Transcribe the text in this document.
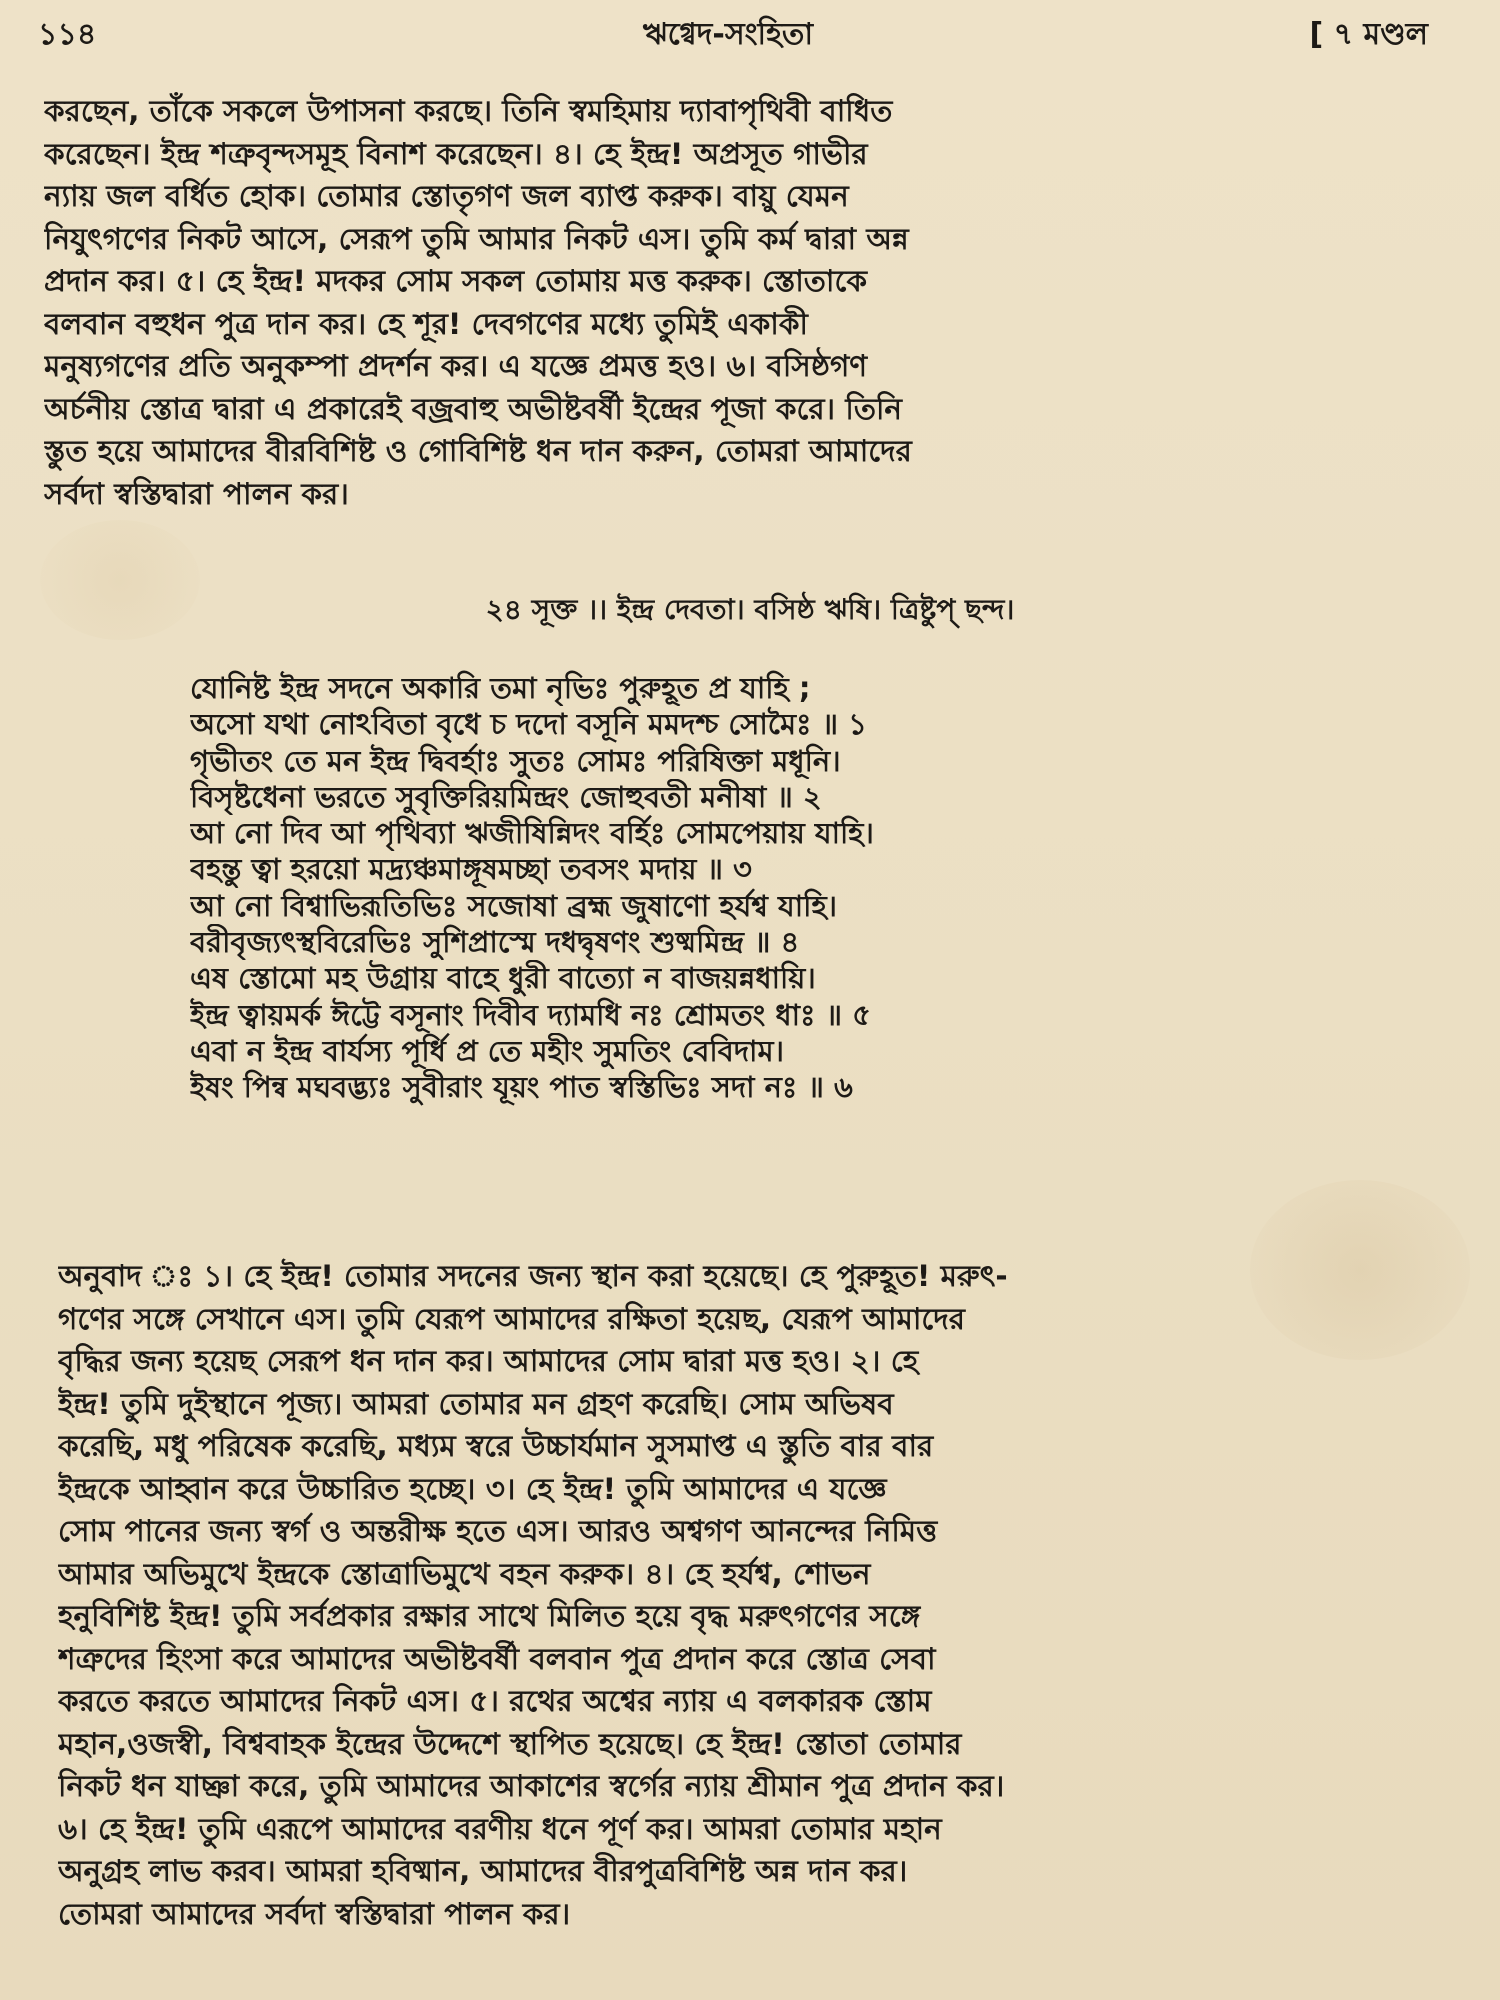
১১৪	ঋগ্বেদ-সংহিতা	[ ৭ মণ্ডল
করছেন, তাঁকে সকলে উপাসনা করছে। তিনি স্বমহিমায় দ্যাবাপৃথিবী বাধিত
করেছেন। ইন্দ্র শত্রুবৃন্দসমূহ বিনাশ করেছেন। ৪। হে ইন্দ্র! অপ্রসূত গাভীর
ন্যায় জল বর্ধিত হোক। তোমার স্তোতৃগণ জল ব্যাপ্ত করুক। বায়ু যেমন
নিযুৎগণের নিকট আসে, সেরূপ তুমি আমার নিকট এস। তুমি কর্ম দ্বারা অন্ন
প্রদান কর। ৫। হে ইন্দ্র! মদকর সোম সকল তোমায় মত্ত করুক। স্তোতাকে
বলবান বহুধন পুত্র দান কর। হে শূর! দেবগণের মধ্যে তুমিই একাকী
মনুষ্যগণের প্রতি অনুকম্পা প্রদর্শন কর। এ যজ্ঞে প্রমত্ত হও। ৬। বসিষ্ঠগণ
অর্চনীয় স্তোত্র দ্বারা এ প্রকারেই বজ্রবাহু অভীষ্টবর্ষী ইন্দ্রের পূজা করে। তিনি
স্তুত হয়ে আমাদের বীরবিশিষ্ট ও গোবিশিষ্ট ধন দান করুন, তোমরা আমাদের
সর্বদা স্বস্তিদ্বারা পালন কর।
২৪ সূক্ত ।। ইন্দ্র দেবতা। বসিষ্ঠ ঋষি। ত্রিষ্টুপ্ ছন্দ।
যোনিষ্ট ইন্দ্র সদনে অকারি তমা নৃভিঃ পুরুহূত প্র যাহি ;
অসো যথা নোঽবিতা বৃধে চ দদো বসূনি মমদশ্চ সোমৈঃ ॥ ১
গৃভীতং তে মন ইন্দ্র দ্বিবর্হাঃ সুতঃ সোমঃ পরিষিক্তা মধূনি।
বিসৃষ্টধেনা ভরতে সুবৃক্তিরিয়মিন্দ্রং জোহুবতী মনীষা ॥ ২
আ নো দিব আ পৃথিব্যা ঋজীষিন্নিদং বর্হিঃ সোমপেয়ায় যাহি।
বহন্তু ত্বা হরয়ো মদ্র্যঞ্চমাঙ্গূষমচ্ছা তবসং মদায় ॥ ৩
আ নো বিশ্বাভিরূতিভিঃ সজোষা ব্রহ্ম জুষাণো হর্যশ্ব যাহি।
বরীবৃজ্যৎস্থবিরেভিঃ সুশিপ্রাস্মে দধদ্বৃষণং শুষ্মমিন্দ্র ॥ ৪
এষ স্তোমো মহ উগ্রায় বাহে ধুরী বাত্যো ন বাজয়ন্নধায়ি।
ইন্দ্র ত্বায়মর্ক ঈট্টে বসূনাং দিবীব দ্যামধি নঃ শ্রোমতং ধাঃ ॥ ৫
এবা ন ইন্দ্র বার্যস্য পূর্ধি প্র তে মহীং সুমতিং বেবিদাম।
ইষং পিন্ব মঘবদ্ভ্যঃ সুবীরাং যূয়ং পাত স্বস্তিভিঃ সদা নঃ ॥ ৬
অনুবাদ ঃ ১। হে ইন্দ্র! তোমার সদনের জন্য স্থান করা হয়েছে। হে পুরুহূত! মরুৎ-
গণের সঙ্গে সেখানে এস। তুমি যেরূপ আমাদের রক্ষিতা হয়েছ, যেরূপ আমাদের
বৃদ্ধির জন্য হয়েছ সেরূপ ধন দান কর। আমাদের সোম দ্বারা মত্ত হও। ২। হে
ইন্দ্র! তুমি দুইস্থানে পূজ্য। আমরা তোমার মন গ্রহণ করেছি। সোম অভিষব
করেছি, মধু পরিষেক করেছি, মধ্যম স্বরে উচ্চার্যমান সুসমাপ্ত এ স্তুতি বার বার
ইন্দ্রকে আহ্বান করে উচ্চারিত হচ্ছে। ৩। হে ইন্দ্র! তুমি আমাদের এ যজ্ঞে
সোম পানের জন্য স্বর্গ ও অন্তরীক্ষ হতে এস। আরও অশ্বগণ আনন্দের নিমিত্ত
আমার অভিমুখে ইন্দ্রকে স্তোত্রাভিমুখে বহন করুক। ৪। হে হর্যশ্ব, শোভন
হনুবিশিষ্ট ইন্দ্র! তুমি সর্বপ্রকার রক্ষার সাথে মিলিত হয়ে বৃদ্ধ মরুৎগণের সঙ্গে
শত্রুদের হিংসা করে আমাদের অভীষ্টবর্ষী বলবান পুত্র প্রদান করে স্তোত্র সেবা
করতে করতে আমাদের নিকট এস। ৫। রথের অশ্বের ন্যায় এ বলকারক স্তোম
মহান,ওজস্বী, বিশ্ববাহক ইন্দ্রের উদ্দেশে স্থাপিত হয়েছে। হে ইন্দ্র! স্তোতা তোমার
নিকট ধন যাচ্ঞা করে, তুমি আমাদের আকাশের স্বর্গের ন্যায় শ্রীমান পুত্র প্রদান কর।
৬। হে ইন্দ্র! তুমি এরূপে আমাদের বরণীয় ধনে পূর্ণ কর। আমরা তোমার মহান
অনুগ্রহ লাভ করব। আমরা হবিষ্মান, আমাদের বীরপুত্রবিশিষ্ট অন্ন দান কর।
তোমরা আমাদের সর্বদা স্বস্তিদ্বারা পালন কর।
